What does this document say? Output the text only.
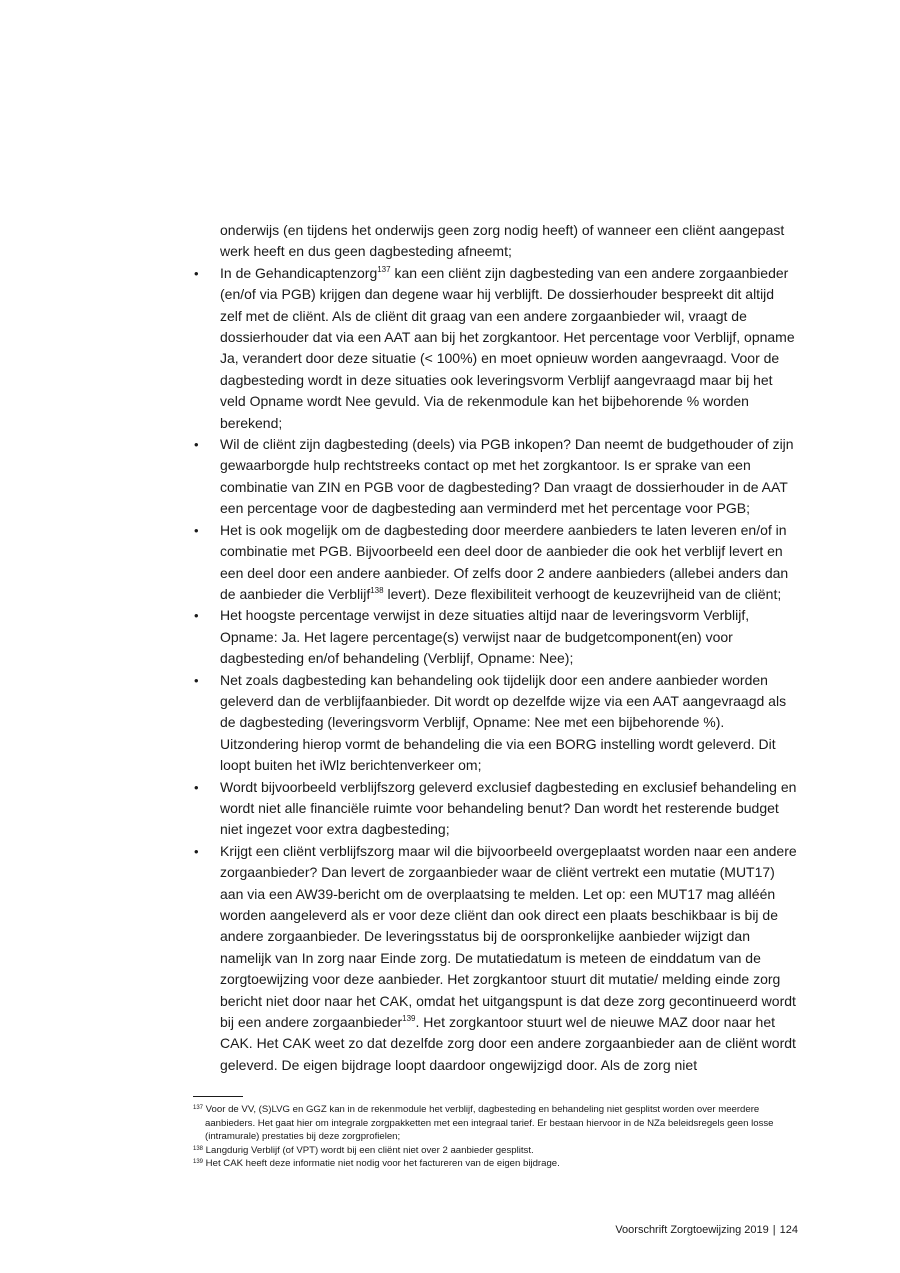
onderwijs (en tijdens het onderwijs geen zorg nodig heeft) of wanneer een cliënt aangepast werk heeft en dus geen dagbesteding afneemt;

• In de Gehandicaptenzorg$^{137}$ kan een cliënt zijn dagbesteding van een andere zorgaanbieder (en/of via PGB) krijgen dan degene waar hij verblijft. De dossierhouder bespreekt dit altijd zelf met de cliënt. Als de cliënt dit graag van een andere zorgaanbieder wil, vraagt de dossierhouder dat via een AAT aan bij het zorgkantoor. Het percentage voor Verblijf, opname Ja, verandert door deze situatie (< 100%) en moet opnieuw worden aangevraagd. Voor de dagbesteding wordt in deze situaties ook leveringsvorm Verblijf aangevraagd maar bij het veld Opname wordt Nee gevuld. Via de rekenmodule kan het bijbehorende % worden berekend;
• Wil de cliënt zijn dagbesteding (deels) via PGB inkopen? Dan neemt de budgethouder of zijn gewaarborgde hulp rechtstreeks contact op met het zorgkantoor. Is er sprake van een combinatie van ZIN en PGB voor de dagbesteding? Dan vraagt de dossierhouder in de AAT een percentage voor de dagbesteding aan verminderd met het percentage voor PGB;
• Het is ook mogelijk om de dagbesteding door meerdere aanbieders te laten leveren en/of in combinatie met PGB. Bijvoorbeeld een deel door de aanbieder die ook het verblijf levert en een deel door een andere aanbieder. Of zelfs door 2 andere aanbieders (allebei anders dan de aanbieder die Verblijf$^{138}$ levert). Deze flexibiliteit verhoogt de keuzevrijheid van de cliënt;
• Het hoogste percentage verwijst in deze situaties altijd naar de leveringsvorm Verblijf, Opname: Ja. Het lagere percentage(s) verwijst naar de budgetcomponent(en) voor dagbesteding en/of behandeling (Verblijf, Opname: Nee);
• Net zoals dagbesteding kan behandeling ook tijdelijk door een andere aanbieder worden geleverd dan de verblijfaanbieder. Dit wordt op dezelfde wijze via een AAT aangevraagd als de dagbesteding (leveringsvorm Verblijf, Opname: Nee met een bijbehorende %). Uitzondering hierop vormt de behandeling die via een BORG instelling wordt geleverd. Dit loopt buiten het iWlz berichtenverkeer om;
• Wordt bijvoorbeeld verblijfszorg geleverd exclusief dagbesteding en exclusief behandeling en wordt niet alle financiële ruimte voor behandeling benut? Dan wordt het resterende budget niet ingezet voor extra dagbesteding;
• Krijgt een cliënt verblijfszorg maar wil die bijvoorbeeld overgeplaatst worden naar een andere zorgaanbieder? Dan levert de zorgaanbieder waar de cliënt vertrekt een mutatie (MUT17) aan via een AW39-bericht om de overplaatsing te melden. Let op: een MUT17 mag alléén worden aangeleverd als er voor deze cliënt dan ook direct een plaats beschikbaar is bij de andere zorgaanbieder. De leveringsstatus bij de oorspronkelijke aanbieder wijzigt dan namelijk van In zorg naar Einde zorg. De mutatiedatum is meteen de einddatum van de zorgtoewijzing voor deze aanbieder. Het zorgkantoor stuurt dit mutatie/ melding einde zorg bericht niet door naar het CAK, omdat het uitgangspunt is dat deze zorg gecontinueerd wordt bij een andere zorgaanbieder$^{139}$. Het zorgkantoor stuurt wel de nieuwe MAZ door naar het CAK. Het CAK weet zo dat dezelfde zorg door een andere zorgaanbieder aan de cliënt wordt geleverd. De eigen bijdrage loopt daardoor ongewijzigd door. Als de zorg niet

$^{137}$ Voor de VV, (S)LVG en GGZ kan in de rekenmodule het verblijf, dagbesteding en behandeling niet gesplitst worden over meerdere aanbieders. Het gaat hier om integrale zorgpakketten met een integraal tarief. Er bestaan hiervoor in de NZa beleidsregels geen losse (intramurale) prestaties bij deze zorgprofielen;

$^{138}$ Langdurig Verblijf (of VPT) wordt bij een cliënt niet over 2 aanbieder gesplitst.

$^{139}$ Het CAK heeft deze informatie niet nodig voor het factureren van de eigen bijdrage.

Voorschrift Zorgtoewijzing 2019 | 124
